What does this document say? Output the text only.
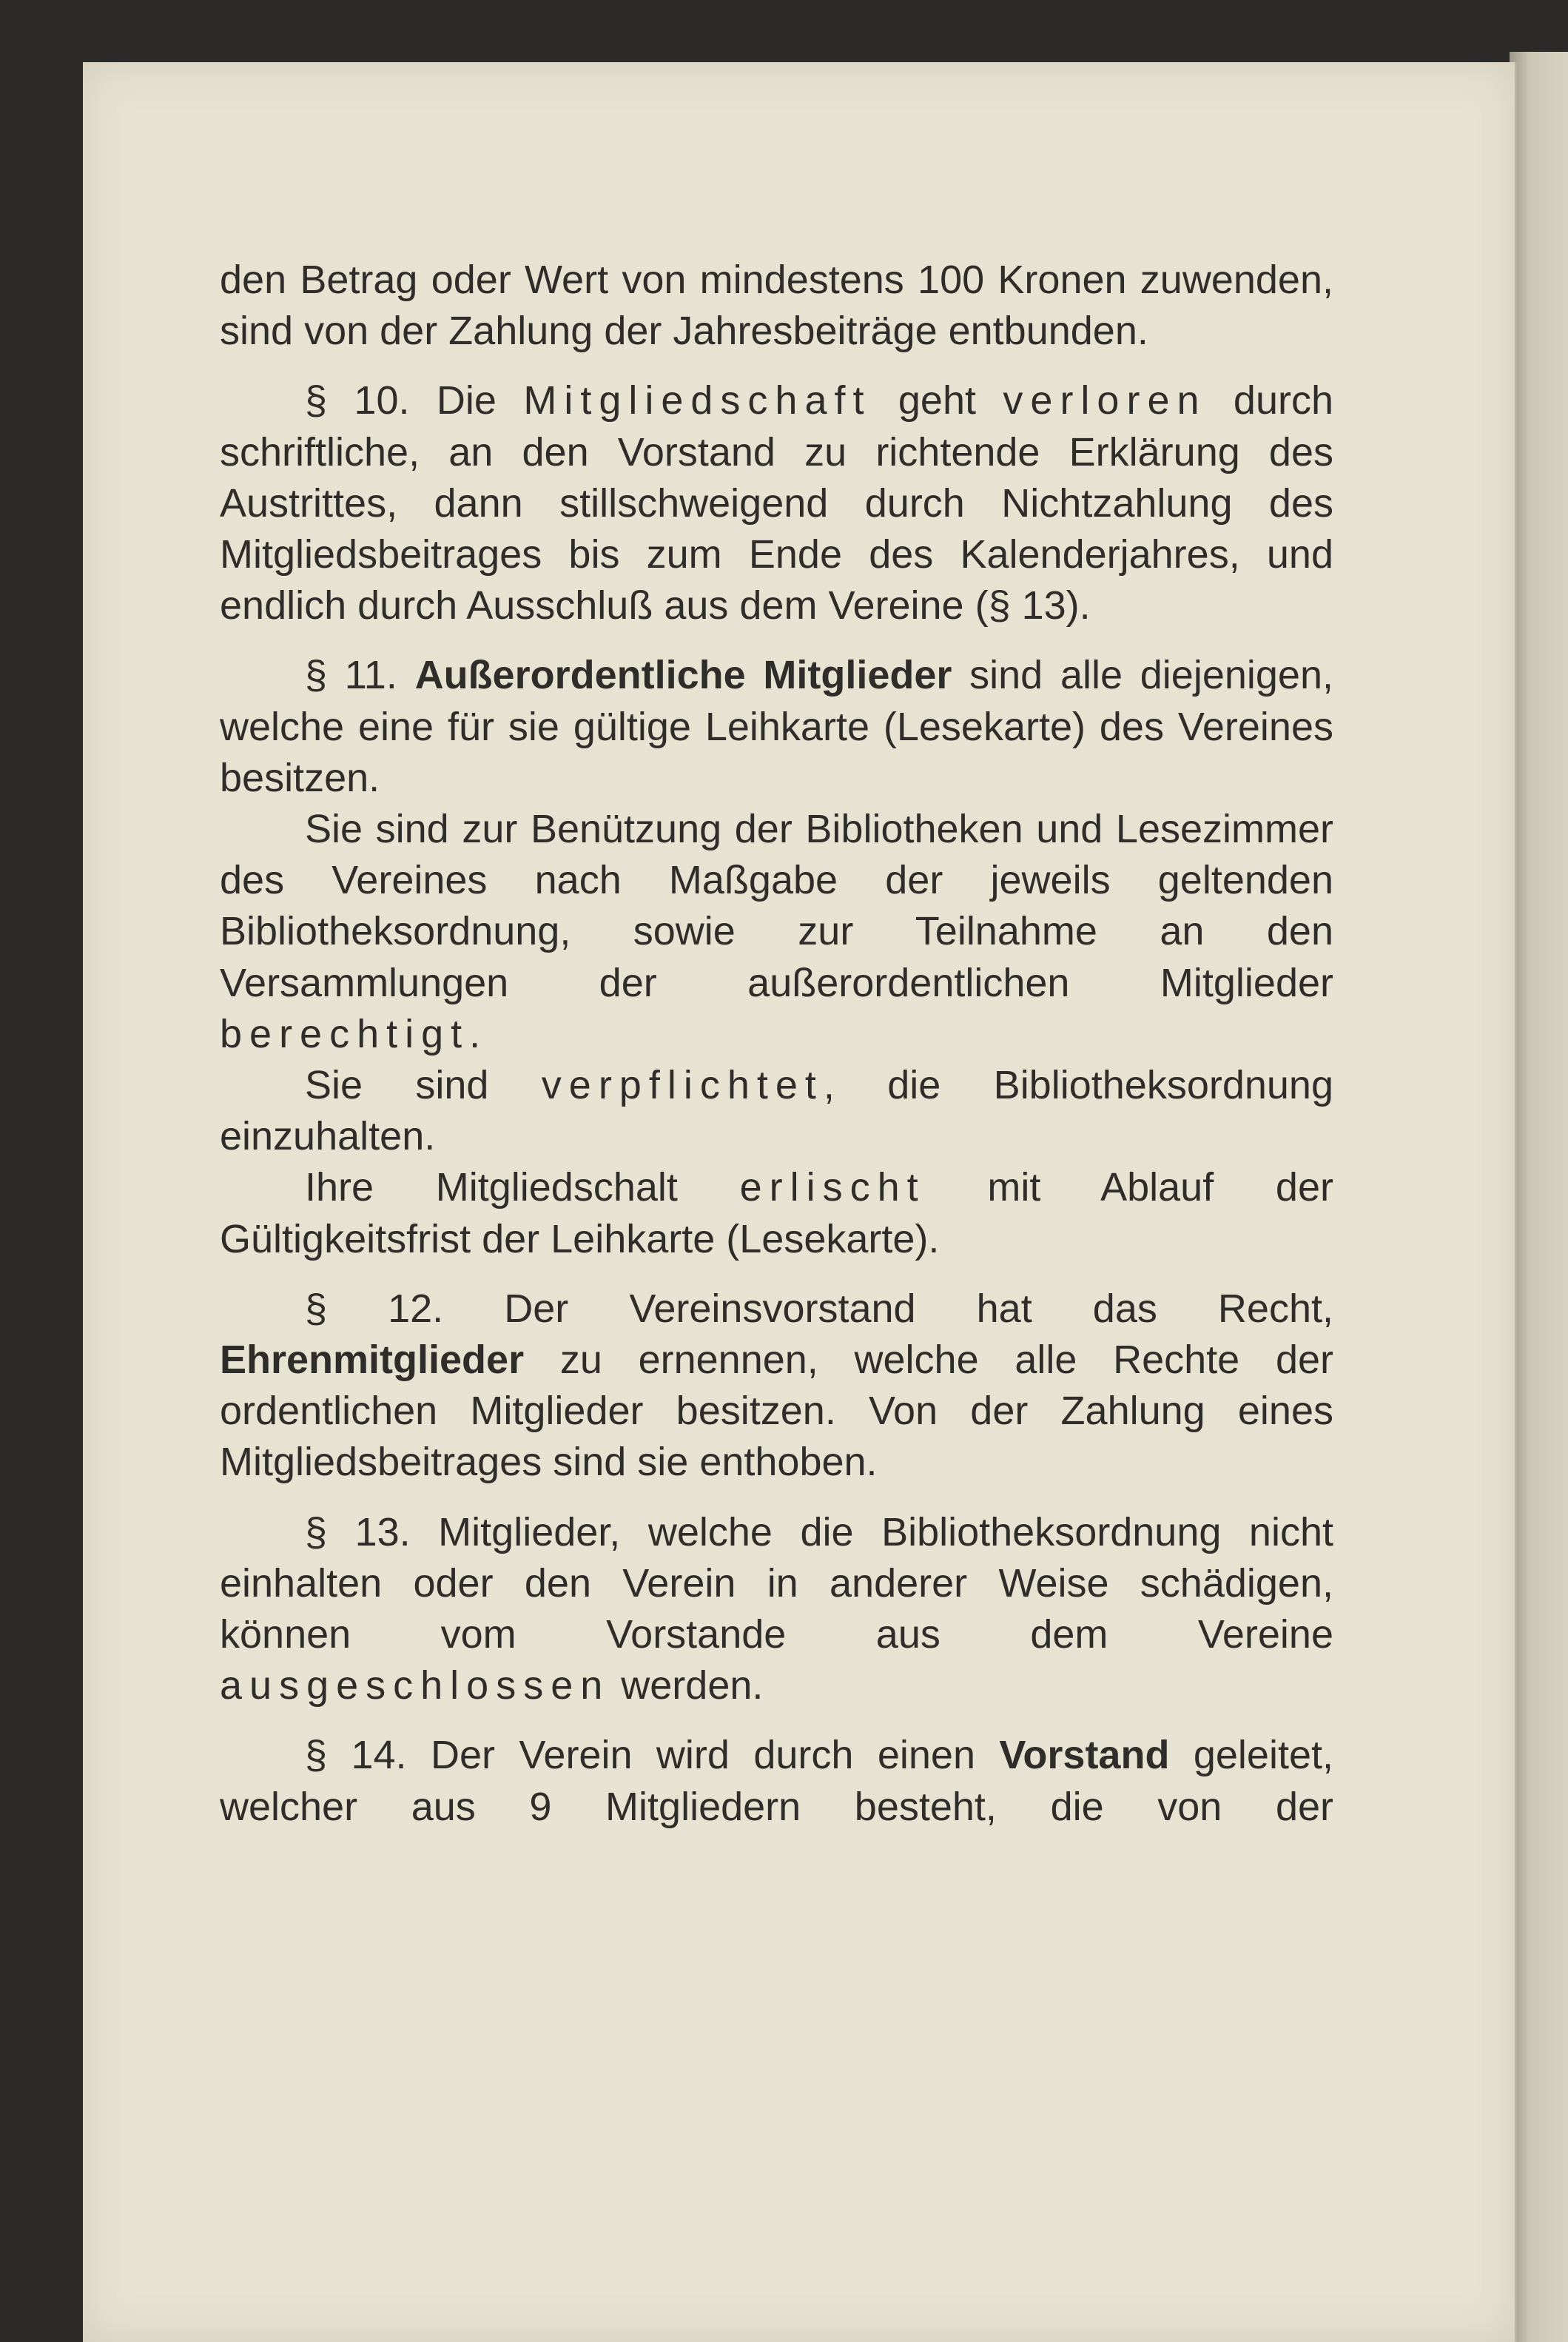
den Betrag oder Wert von mindestens 100 Kronen zuwenden, sind von der Zahlung der Jahresbeiträge entbunden.

§ 10. Die Mitgliedschaft geht verloren durch schriftliche, an den Vorstand zu richtende Erklärung des Austrittes, dann stillschweigend durch Nichtzahlung des Mitgliedsbeitrages bis zum Ende des Kalenderjahres, und endlich durch Ausschluß aus dem Vereine (§ 13).

§ 11. Außerordentliche Mitglieder sind alle diejenigen, welche eine für sie gültige Leihkarte (Lesekarte) des Vereines besitzen.

Sie sind zur Benützung der Bibliotheken und Lesezimmer des Vereines nach Maßgabe der jeweils geltenden Bibliotheksordnung, sowie zur Teilnahme an den Versammlungen der außerordentlichen Mitglieder berechtigt.

Sie sind verpflichtet, die Bibliotheksordnung einzuhalten.

Ihre Mitgliedschalt erlischt mit Ablauf der Gültigkeitsfrist der Leihkarte (Lesekarte).

§ 12. Der Vereinsvorstand hat das Recht, Ehrenmitglieder zu ernennen, welche alle Rechte der ordentlichen Mitglieder besitzen. Von der Zahlung eines Mitgliedsbeitrages sind sie enthoben.

§ 13. Mitglieder, welche die Bibliotheksordnung nicht einhalten oder den Verein in anderer Weise schädigen, können vom Vorstande aus dem Vereine ausgeschlossen werden.

§ 14. Der Verein wird durch einen Vorstand geleitet, welcher aus 9 Mitgliedern besteht, die von der
